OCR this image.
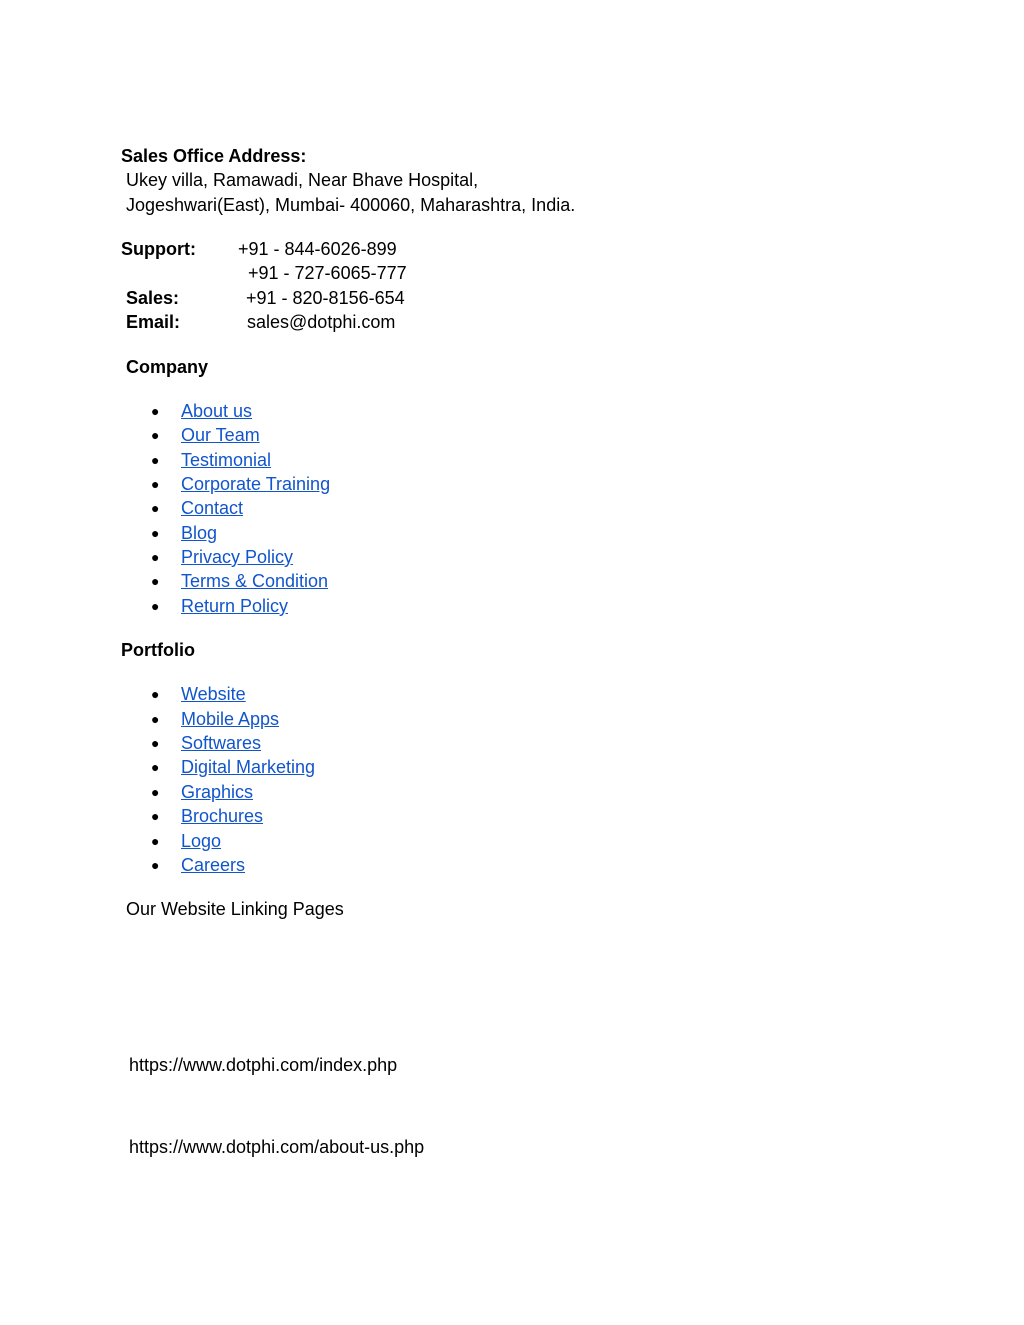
Sales Office Address:
Ukey villa, Ramawadi, Near Bhave Hospital,
Jogeshwari(East), Mumbai- 400060, Maharashtra, India.
Support: +91 - 844-6026-899
+91 - 727-6065-777
Sales:	+91 - 820-8156-654
Email:	sales@dotphi.com
Company
● About us
● Our Team
● Testimonial
● Corporate Training
● Contact
● Blog
● Privacy Policy
● Terms & Condition
● Return Policy
Portfolio
● Website
● Mobile Apps
● Softwares
● Digital Marketing
● Graphics
● Brochures
● Logo
● Careers
Our Website Linking Pages
https://www.dotphi.com/index.php
https://www.dotphi.com/about-us.php
